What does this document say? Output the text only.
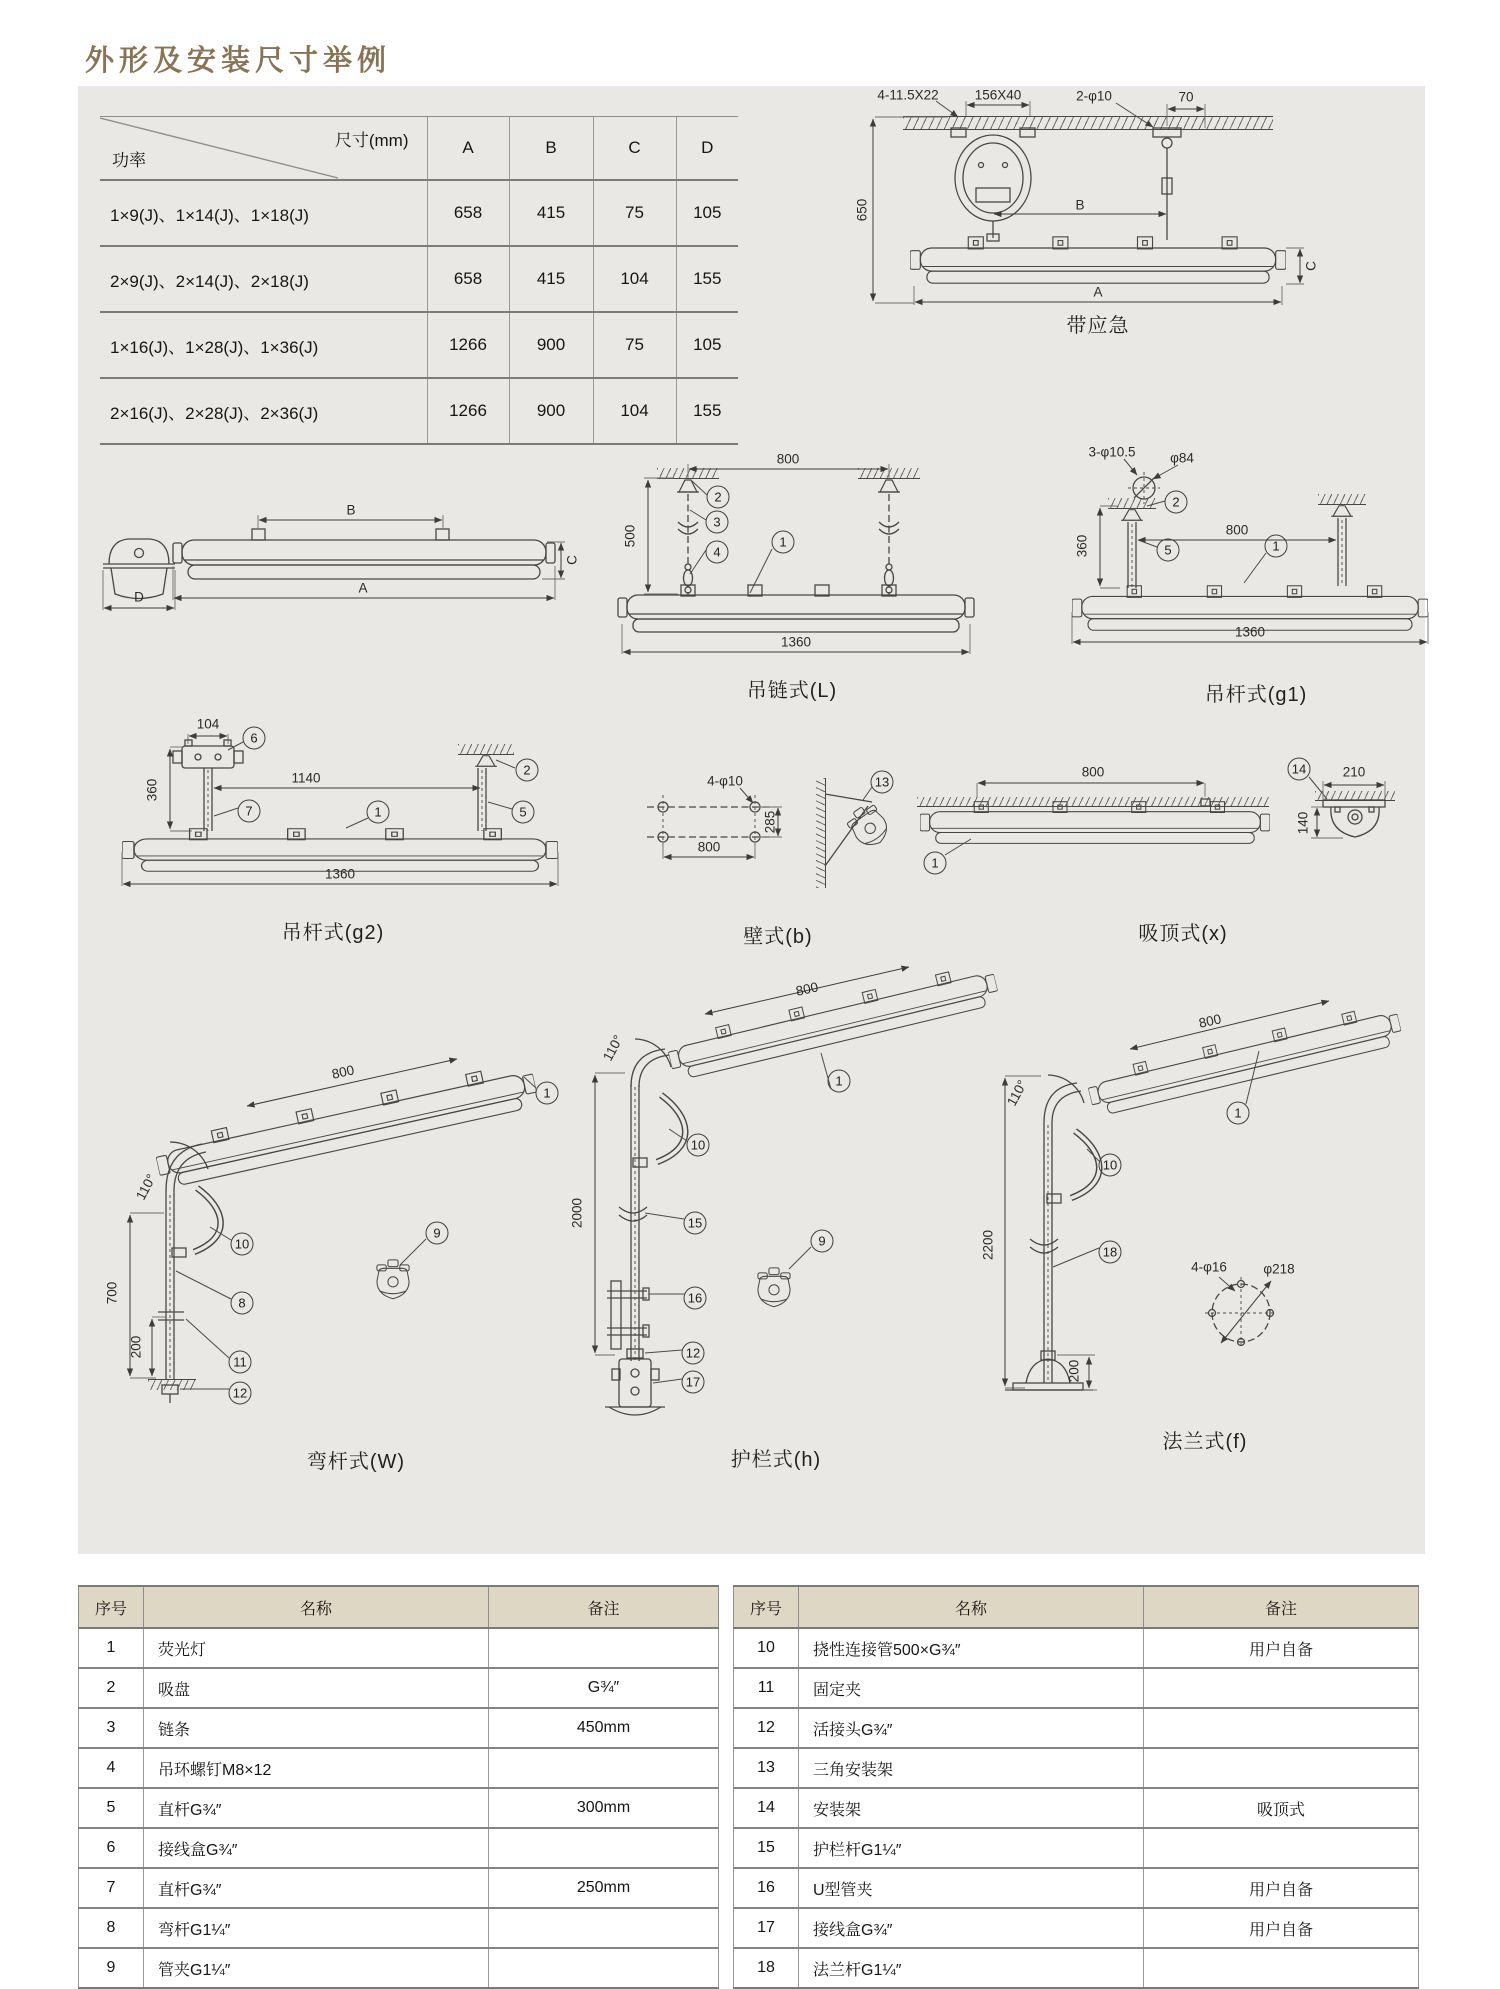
外形及安装尺寸举例
尺寸(mm)
功率	A	B	C	D
1×9(J)、1×14(J)、1×18(J)	658	415	75	105
2×9(J)、2×14(J)、2×18(J)	658	415	104	155
1×16(J)、1×28(J)、1×36(J)	1266	900	75	105
2×16(J)、2×28(J)、2×36(J)	1266	900	104	155
4-11.5X22	156X40	2-φ10	70
650	B
C
A
带应急
B
D
C
A
800
500
1360
2
3
4
1
吊链式(L)
3-φ10.5	φ84
360
800
1360
2
5	1
吊杆式(g1)
104
360
1140
1360
6
7	1
2
5
吊杆式(g2)
4-φ10
285
800
13
壁式(b)
800	210
140
14
1
吸顶式(x)
800
110°
700
200
1
10
9
8
11
12
弯杆式(W)
800
110°
2000
1
10
15
9
16
12
17
护栏式(h)
800
110°
2200
4-φ16	φ218
200
1
10
18
法兰式(f)
序号	名称	备注
1	荧光灯	
2	吸盘	G¾″
3	链条	450mm
4	吊环螺钉M8×12	
5	直杆G¾″	300mm
6	接线盒G¾″	
7	直杆G¾″	250mm
8	弯杆G1¼″	
9	管夹G1¼″	
序号	名称	备注
10	挠性连接管500×G¾″	用户自备
11	固定夹	
12	活接头G¾″	
13	三角安装架	
14	安装架	吸顶式
15	护栏杆G1¼″	
16	U型管夹	用户自备
17	接线盒G¾″	用户自备
18	法兰杆G1¼″	
